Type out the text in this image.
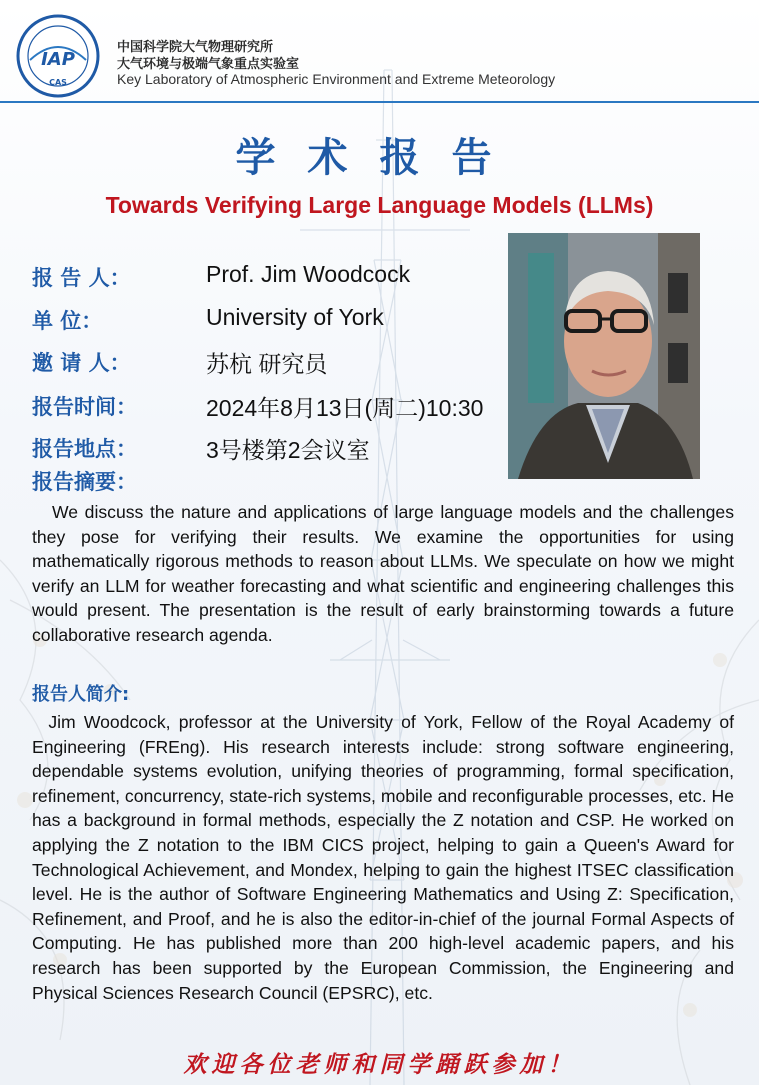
IAP
CAS
中国科学院大气物理研究所
大气环境与极端气象重点实验室
Key Laboratory of Atmospheric Environment and Extreme Meteorology
学术报告
Towards Verifying Large Language Models (LLMs)
报 告 人：	Prof. Jim Woodcock
单 位：	University of York
邀 请 人：	苏杭 研究员
报告时间：	2024年8月13日(周二)10:30
报告地点：	3号楼第2会议室
报告摘要：
We discuss the nature and applications of large language models and the challenges they pose for verifying their results. We examine the opportunities for using mathematically rigorous methods to reason about LLMs. We speculate on how we might verify an LLM for weather forecasting and what scientific and engineering challenges this would present. The presentation is the result of early brainstorming towards a future collaborative research agenda.
报告人简介:
Jim Woodcock, professor at the University of York, Fellow of the Royal Academy of Engineering (FREng). His research interests include: strong software engineering, dependable systems evolution, unifying theories of programming, formal specification, refinement, concurrency, state-rich systems, mobile and reconfigurable processes, etc. He has a background in formal methods, especially the Z notation and CSP. He worked on applying the Z notation to the IBM CICS project, helping to gain a Queen's Award for Technological Achievement, and Mondex, helping to gain the highest ITSEC classification level. He is the author of Software Engineering Mathematics and Using Z: Specification, Refinement, and Proof, and he is also the editor-in-chief of the journal Formal Aspects of Computing. He has published more than 200 high-level academic papers, and his research has been supported by the European Commission, the Engineering and Physical Sciences Research Council (EPSRC), etc.
欢迎各位老师和同学踊跃参加！
